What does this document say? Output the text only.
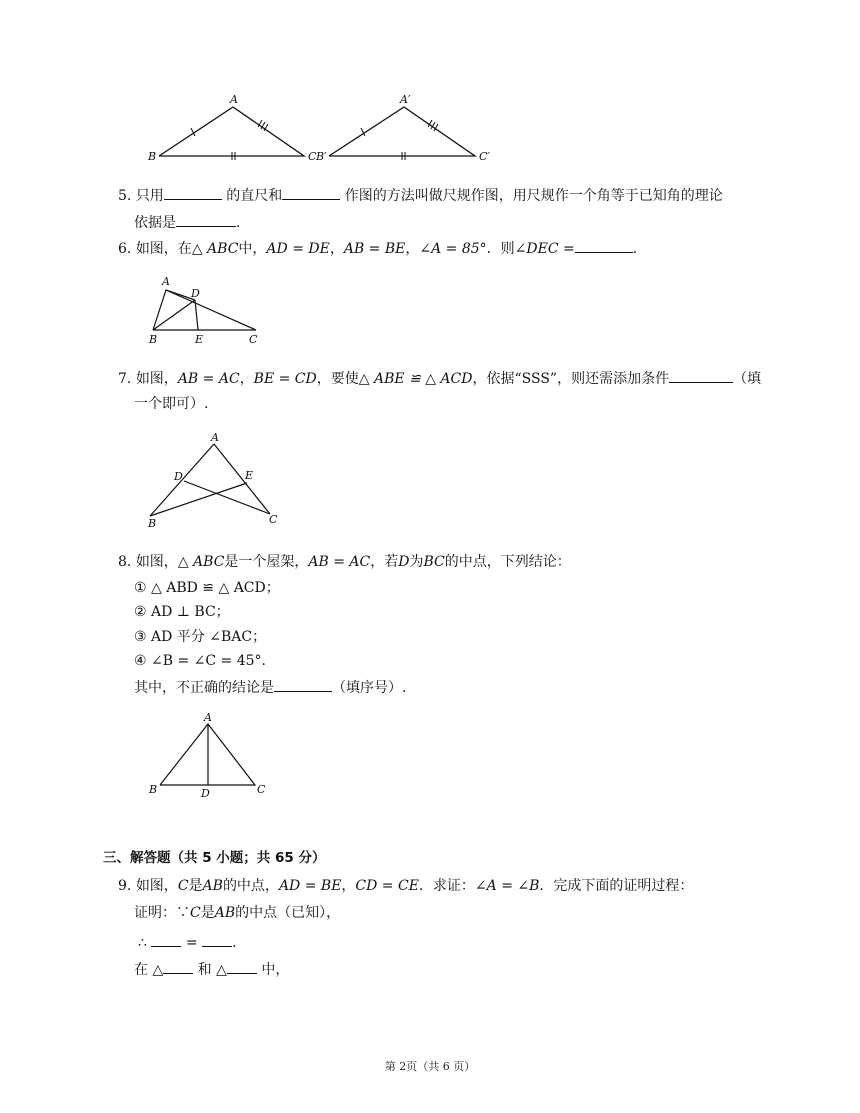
A
B	C
A′
B′	C′
5. 只用	的直尺和	作图的方法叫做尺规作图，用尺规作一个角等于已知角的理论
依据是	.
6. 如图，在△ ABC中，AD = DE，AB = BE，∠A = 85°．则∠DEC =	.
A
D
B	E	C
7. 如图，AB = AC，BE = CD，要使△ ABE ≌ △ ACD，依据“SSS”，则还需添加条件	（填
一个即可）.
A
D	E
B	C
8. 如图，△ ABC是一个屋架，AB = AC，若D为BC的中点，下列结论：
① △ ABD ≌ △ ACD；
② AD ⊥ BC；
③ AD 平分 ∠BAC；
④ ∠B = ∠C = 45°.
其中，不正确的结论是	（填序号）.
A
B	D	C
三、解答题（共 5 小题；共 65 分）
9. 如图，C是AB的中点，AD = BE，CD = CE．求证：∠A = ∠B．完成下面的证明过程：
证明：∵C是AB的中点（已知），
∴	= .
在 △ 和 △ 中，
第 2页（共 6 页）
